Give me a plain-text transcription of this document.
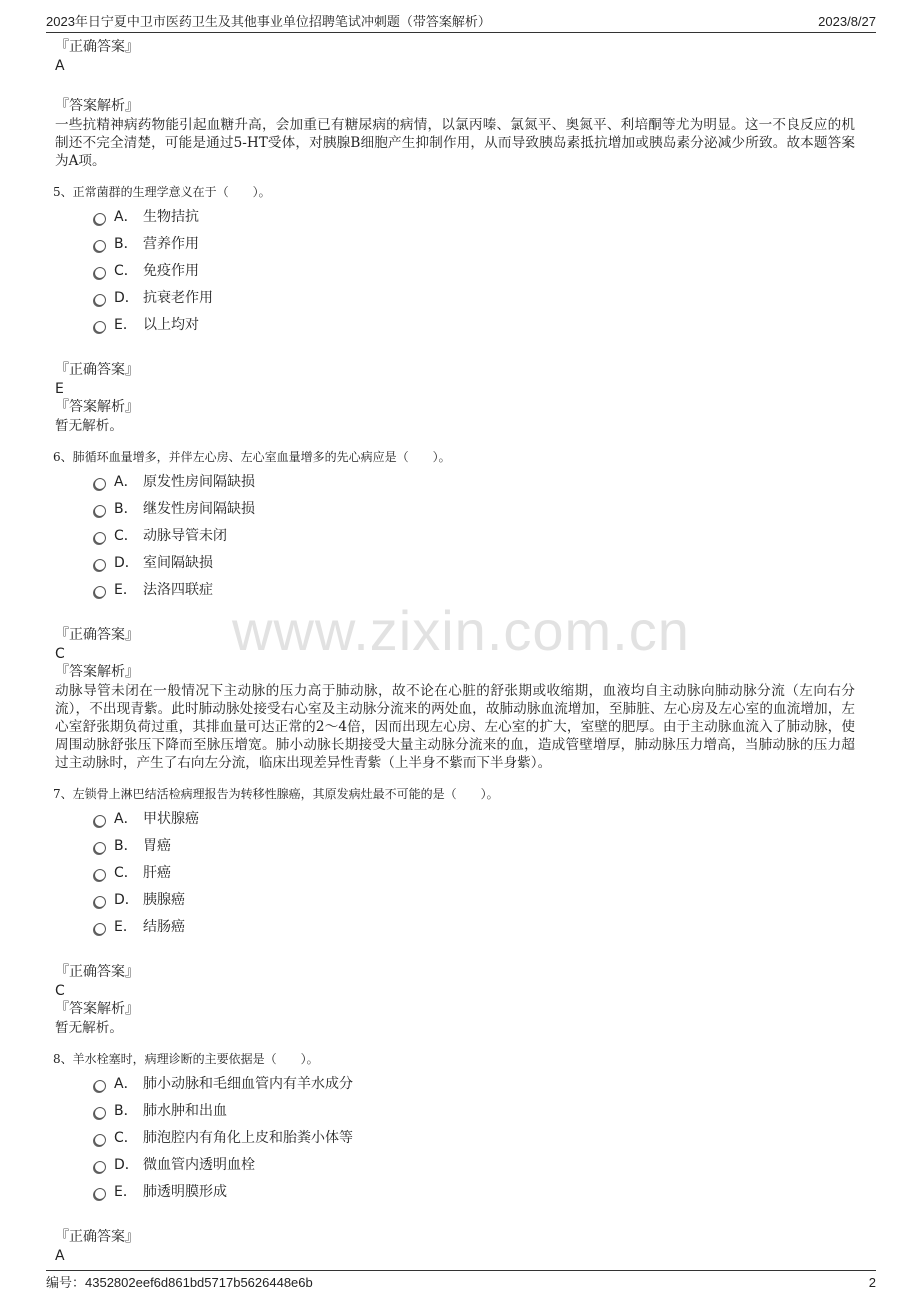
2023年日宁夏中卫市医药卫生及其他事业单位招聘笔试冲刺题（带答案解析）	2023/8/27
www.zixin.com.cn

『正确答案』

A

『答案解析』

一些抗精神病药物能引起血糖升高，会加重已有糖尿病的病情，以氯丙嗪、氯氮平、奥氮平、利培酮等尤为明显。这一不良反应的机制还不完全清楚，可能是通过5-HT受体，对胰腺B细胞产生抑制作用，从而导致胰岛素抵抗增加或胰岛素分泌减少所致。故本题答案为A项。

5、正常菌群的生理学意义在于（　　）。

A． 生物拮抗
B． 营养作用
C． 免疫作用
D． 抗衰老作用
E． 以上均对

『正确答案』

E

『答案解析』

暂无解析。

6、肺循环血量增多，并伴左心房、左心室血量增多的先心病应是（　　）。

A． 原发性房间隔缺损
B． 继发性房间隔缺损
C． 动脉导管未闭
D． 室间隔缺损
E． 法洛四联症

『正确答案』

C

『答案解析』

动脉导管未闭在一般情况下主动脉的压力高于肺动脉，故不论在心脏的舒张期或收缩期，血液均自主动脉向肺动脉分流（左向右分流），不出现青紫。此时肺动脉处接受右心室及主动脉分流来的两处血，故肺动脉血流增加，至肺脏、左心房及左心室的血流增加，左心室舒张期负荷过重，其排血量可达正常的2～4倍，因而出现左心房、左心室的扩大，室壁的肥厚。由于主动脉血流入了肺动脉，使周围动脉舒张压下降而至脉压增宽。肺小动脉长期接受大量主动脉分流来的血，造成管壁增厚，肺动脉压力增高，当肺动脉的压力超过主动脉时，产生了右向左分流，临床出现差异性青紫（上半身不紫而下半身紫）。

7、左锁骨上淋巴结活检病理报告为转移性腺癌，其原发病灶最不可能的是（　　）。

A． 甲状腺癌
B． 胃癌
C． 肝癌
D． 胰腺癌
E． 结肠癌

『正确答案』

C

『答案解析』

暂无解析。

8、羊水栓塞时，病理诊断的主要依据是（　　）。

A． 肺小动脉和毛细血管内有羊水成分
B． 肺水肿和出血
C． 肺泡腔内有角化上皮和胎粪小体等
D． 微血管内透明血栓
E． 肺透明膜形成

『正确答案』

A

编号：4352802eef6d861bd5717b5626448e6b	2
